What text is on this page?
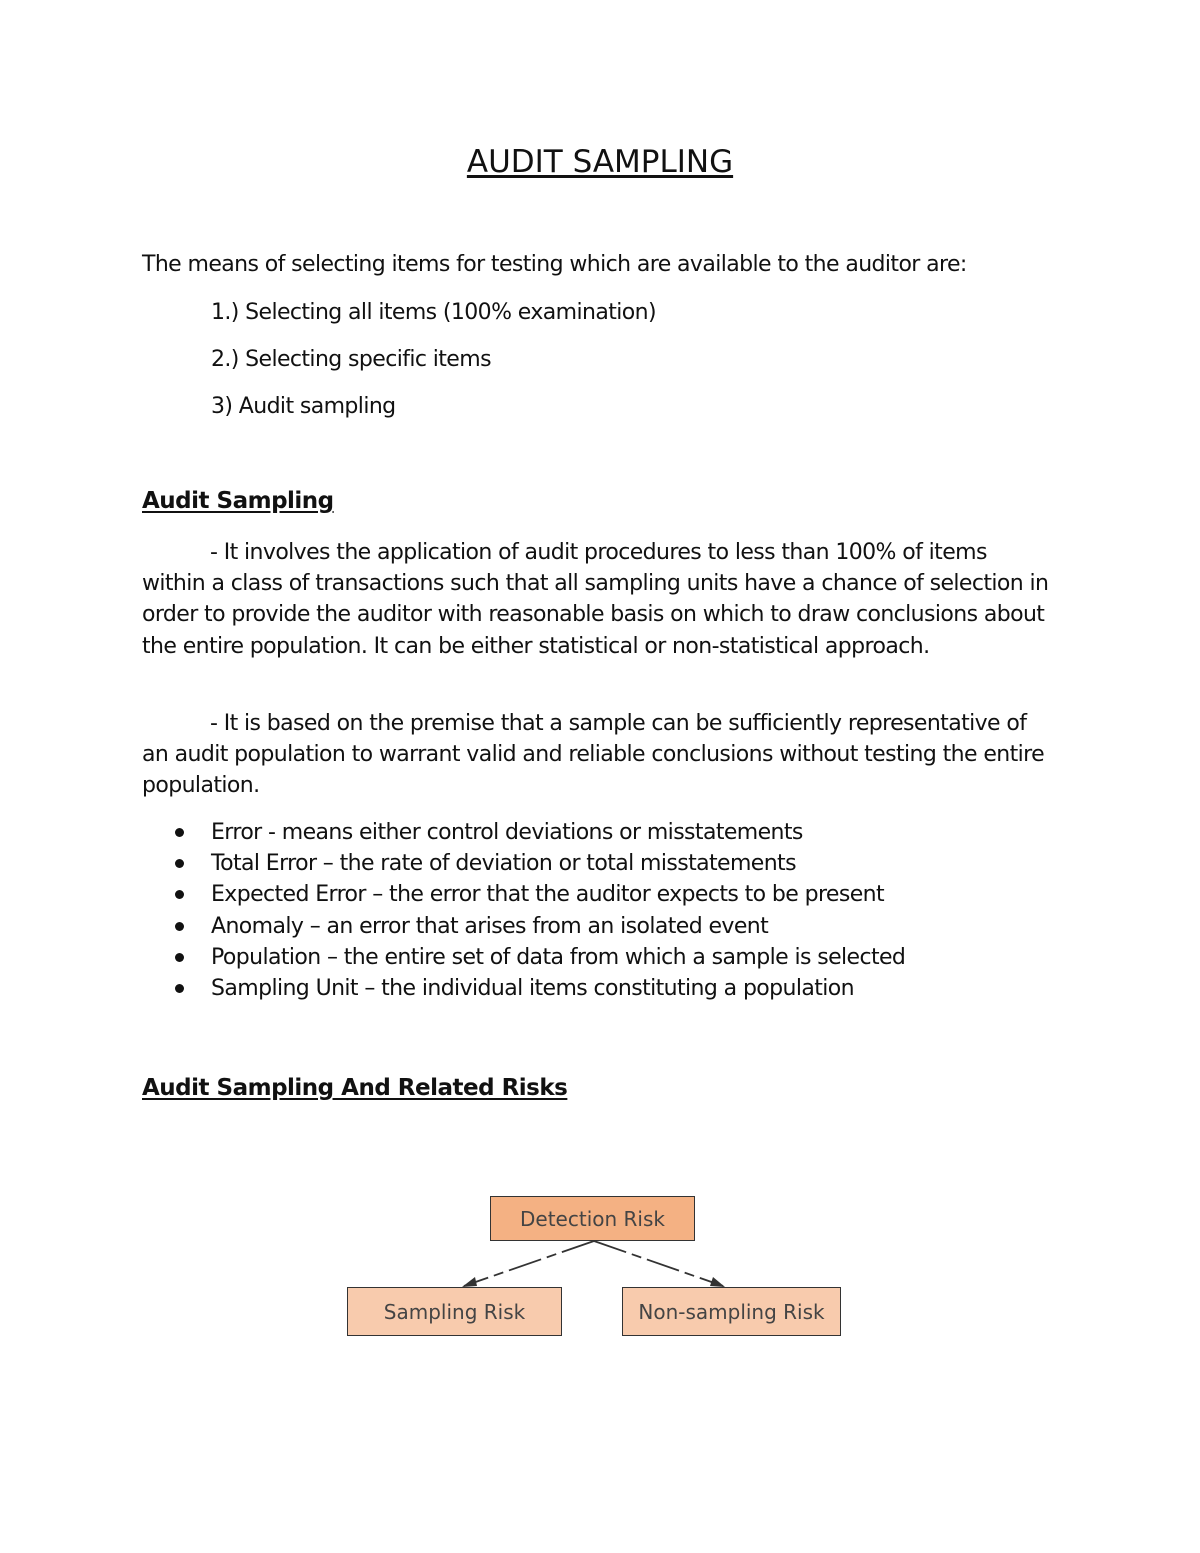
AUDIT SAMPLING

The means of selecting items for testing which are available to the auditor are:

1.) Selecting all items (100% examination)
2.) Selecting specific items
3) Audit sampling
Audit Sampling

- It involves the application of audit procedures to less than 100% of items within a class of transactions such that all sampling units have a chance of selection in order to provide the auditor with reasonable basis on which to draw conclusions about the entire population. It can be either statistical or non-statistical approach.

- It is based on the premise that a sample can be sufficiently representative of an audit population to warrant valid and reliable conclusions without testing the entire population.

Error - means either control deviations or misstatements
Total Error – the rate of deviation or total misstatements
Expected Error – the error that the auditor expects to be present
Anomaly – an error that arises from an isolated event
Population – the entire set of data from which a sample is selected
Sampling Unit – the individual items constituting a population
Audit Sampling And Related Risks
Detection Risk
Sampling Risk	Non-sampling Risk
